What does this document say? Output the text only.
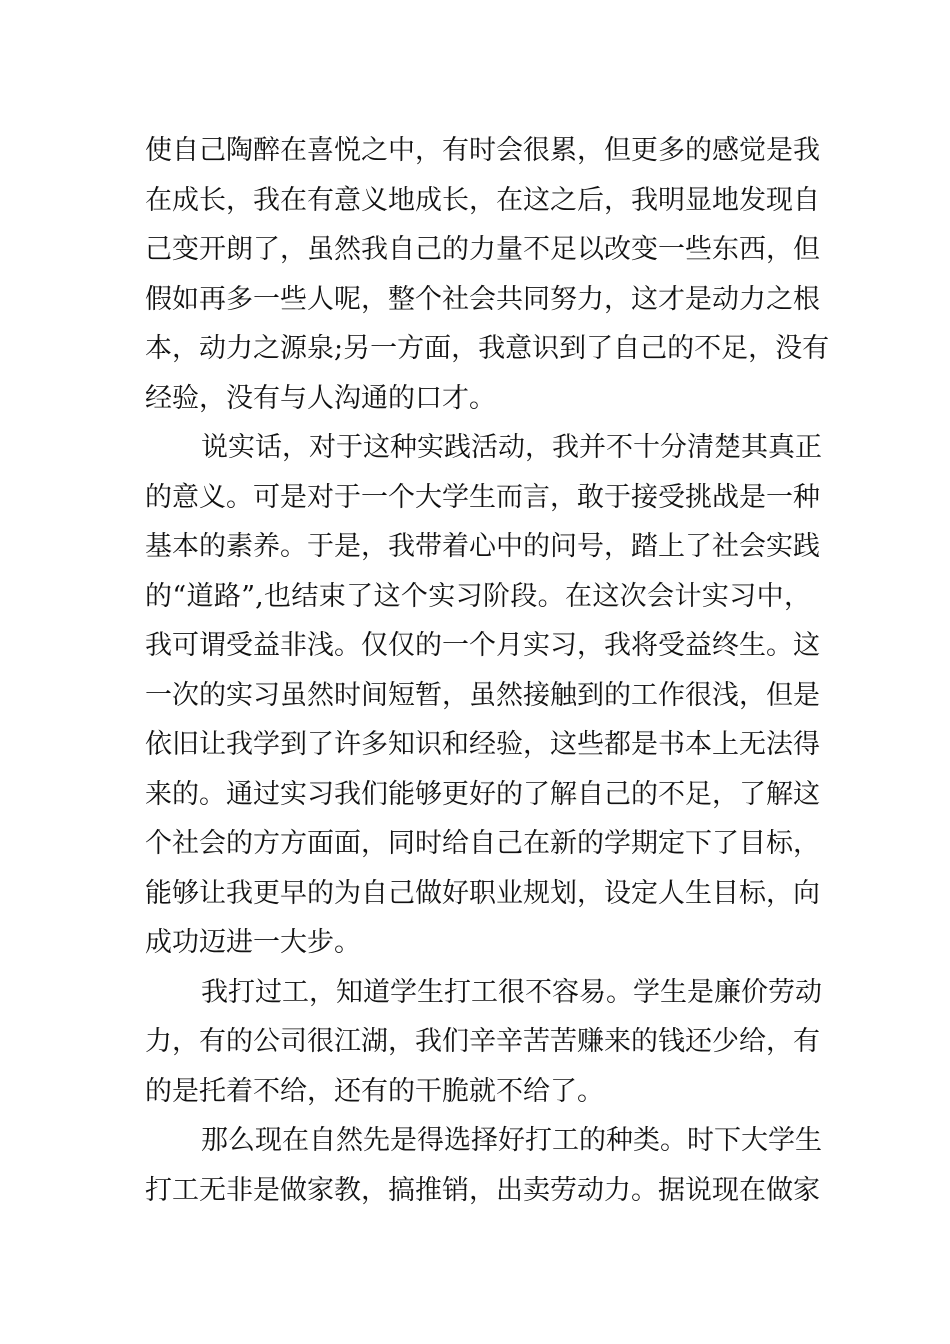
使自己陶醉在喜悦之中，有时会很累，但更多的感觉是我
在成长，我在有意义地成长，在这之后，我明显地发现自
己变开朗了，虽然我自己的力量不足以改变一些东西，但
假如再多一些人呢，整个社会共同努力，这才是动力之根
本，动力之源泉;另一方面，我意识到了自己的不足，没有
经验，没有与人沟通的口才。
说实话，对于这种实践活动，我并不十分清楚其真正
的意义。可是对于一个大学生而言，敢于接受挑战是一种
基本的素养。于是，我带着心中的问号，踏上了社会实践
的“道路”,也结束了这个实习阶段。在这次会计实习中，
我可谓受益非浅。仅仅的一个月实习，我将受益终生。这
一次的实习虽然时间短暂，虽然接触到的工作很浅，但是
依旧让我学到了许多知识和经验，这些都是书本上无法得
来的。通过实习我们能够更好的了解自己的不足，了解这
个社会的方方面面，同时给自己在新的学期定下了目标，
能够让我更早的为自己做好职业规划，设定人生目标，向
成功迈进一大步。
我打过工，知道学生打工很不容易。学生是廉价劳动
力，有的公司很江湖，我们辛辛苦苦赚来的钱还少给，有
的是托着不给，还有的干脆就不给了。
那么现在自然先是得选择好打工的种类。时下大学生
打工无非是做家教，搞推销，出卖劳动力。据说现在做家
